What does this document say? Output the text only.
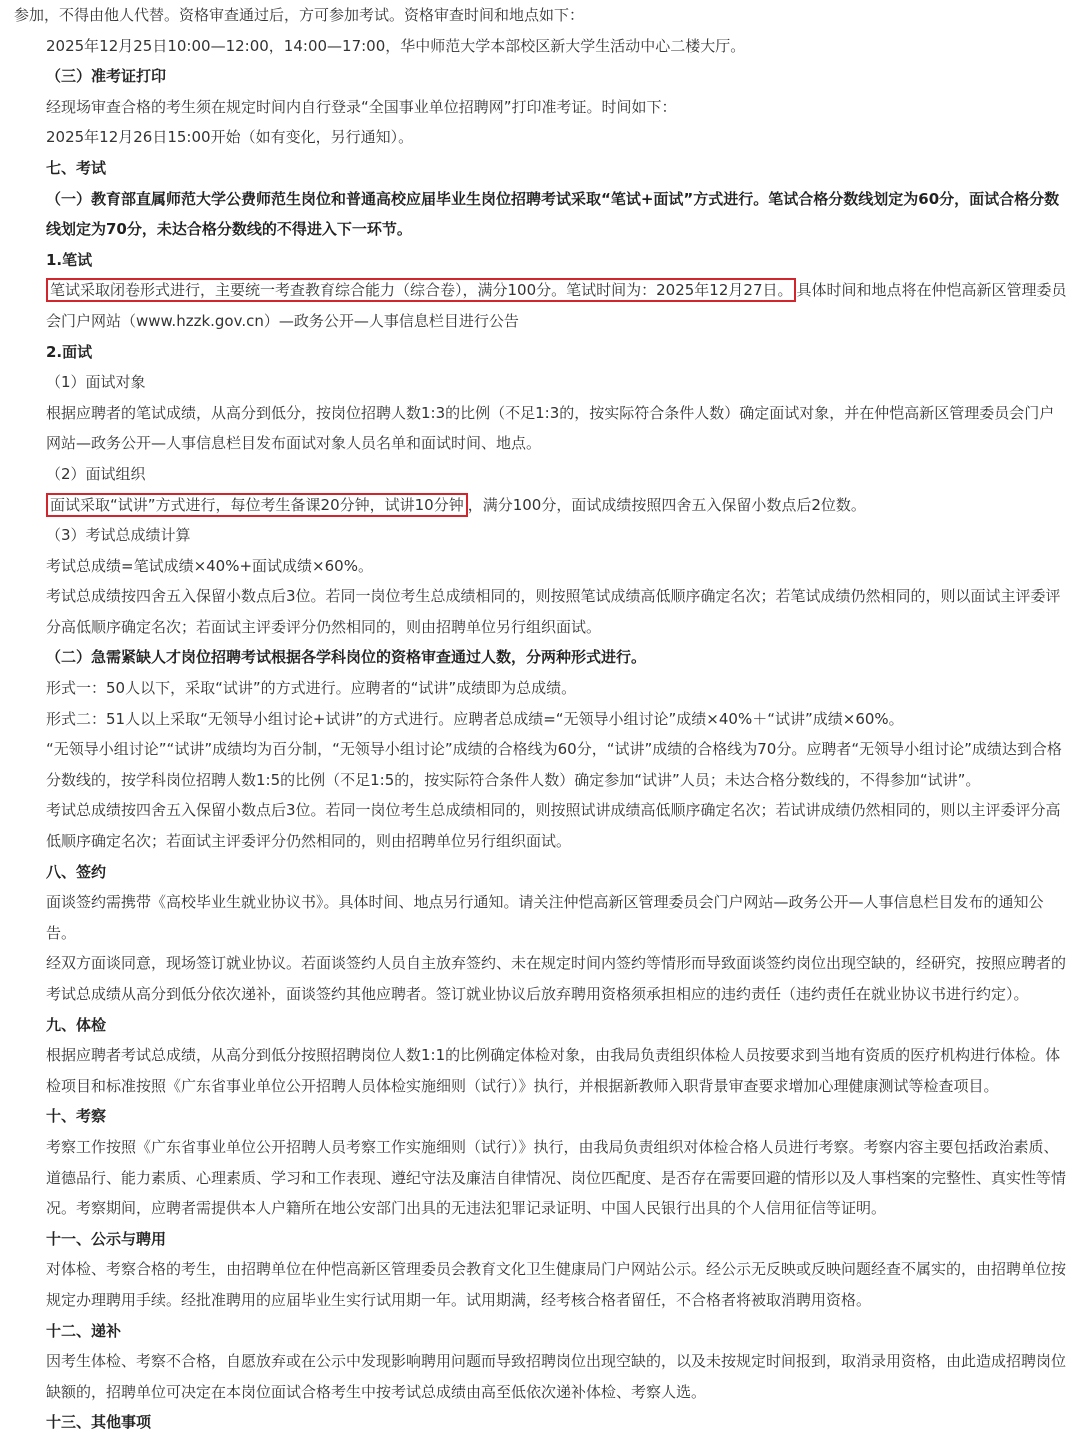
参加，不得由他人代替。资格审查通过后，方可参加考试。资格审查时间和地点如下：

2025年12月25日10:00—12:00，14:00—17:00，华中师范大学本部校区新大学生活动中心二楼大厅。

（三）准考证打印

经现场审查合格的考生须在规定时间内自行登录“全国事业单位招聘网”打印准考证。时间如下：

2025年12月26日15:00开始（如有变化，另行通知）。

七、考试

（一）教育部直属师范大学公费师范生岗位和普通高校应届毕业生岗位招聘考试采取“笔试+面试”方式进行。笔试合格分数线划定为60分，面试合格分数线划定为70分，未达合格分数线的不得进入下一环节。

1.笔试

笔试采取闭卷形式进行，主要统一考查教育综合能力（综合卷），满分100分。笔试时间为：2025年12月27日。 具体时间和地点将在仲恺高新区管理委员会门户网站（www.hzzk.gov.cn）—政务公开—人事信息栏目进行公告

2.面试

（1）面试对象

根据应聘者的笔试成绩，从高分到低分，按岗位招聘人数1:3的比例（不足1:3的，按实际符合条件人数）确定面试对象，并在仲恺高新区管理委员会门户网站—政务公开—人事信息栏目发布面试对象人员名单和面试时间、地点。

（2）面试组织

面试采取“试讲”方式进行，每位考生备课20分钟，试讲10分钟 ，满分100分，面试成绩按照四舍五入保留小数点后2位数。

（3）考试总成绩计算

考试总成绩=笔试成绩×40%+面试成绩×60%。

考试总成绩按四舍五入保留小数点后3位。若同一岗位考生总成绩相同的，则按照笔试成绩高低顺序确定名次；若笔试成绩仍然相同的，则以面试主评委评分高低顺序确定名次；若面试主评委评分仍然相同的，则由招聘单位另行组织面试。

（二）急需紧缺人才岗位招聘考试根据各学科岗位的资格审查通过人数，分两种形式进行。

形式一：50人以下，采取“试讲”的方式进行。应聘者的“试讲”成绩即为总成绩。

形式二：51人以上采取“无领导小组讨论+试讲”的方式进行。应聘者总成绩=“无领导小组讨论”成绩×40%＋“试讲”成绩×60%。

“无领导小组讨论”“试讲”成绩均为百分制，“无领导小组讨论”成绩的合格线为60分，“试讲”成绩的合格线为70分。应聘者“无领导小组讨论”成绩达到合格分数线的，按学科岗位招聘人数1:5的比例（不足1:5的，按实际符合条件人数）确定参加“试讲”人员；未达合格分数线的，不得参加“试讲”。

考试总成绩按四舍五入保留小数点后3位。若同一岗位考生总成绩相同的，则按照试讲成绩高低顺序确定名次；若试讲成绩仍然相同的，则以主评委评分高低顺序确定名次；若面试主评委评分仍然相同的，则由招聘单位另行组织面试。

八、签约

面谈签约需携带《高校毕业生就业协议书》。具体时间、地点另行通知。请关注仲恺高新区管理委员会门户网站—政务公开—人事信息栏目发布的通知公告。

经双方面谈同意，现场签订就业协议。若面谈签约人员自主放弃签约、未在规定时间内签约等情形而导致面谈签约岗位出现空缺的，经研究，按照应聘者的考试总成绩从高分到低分依次递补，面谈签约其他应聘者。签订就业协议后放弃聘用资格须承担相应的违约责任（违约责任在就业协议书进行约定）。

九、体检

根据应聘者考试总成绩，从高分到低分按照招聘岗位人数1:1的比例确定体检对象，由我局负责组织体检人员按要求到当地有资质的医疗机构进行体检。体检项目和标准按照《广东省事业单位公开招聘人员体检实施细则（试行）》执行，并根据新教师入职背景审查要求增加心理健康测试等检查项目。

十、考察

考察工作按照《广东省事业单位公开招聘人员考察工作实施细则（试行）》执行，由我局负责组织对体检合格人员进行考察。考察内容主要包括政治素质、道德品行、能力素质、心理素质、学习和工作表现、遵纪守法及廉洁自律情况、岗位匹配度、是否存在需要回避的情形以及人事档案的完整性、真实性等情况。考察期间，应聘者需提供本人户籍所在地公安部门出具的无违法犯罪记录证明、中国人民银行出具的个人信用征信等证明。

十一、公示与聘用

对体检、考察合格的考生，由招聘单位在仲恺高新区管理委员会教育文化卫生健康局门户网站公示。经公示无反映或反映问题经查不属实的，由招聘单位按规定办理聘用手续。经批准聘用的应届毕业生实行试用期一年。试用期满，经考核合格者留任，不合格者将被取消聘用资格。

十二、递补

因考生体检、考察不合格，自愿放弃或在公示中发现影响聘用问题而导致招聘岗位出现空缺的，以及未按规定时间报到，取消录用资格，由此造成招聘岗位缺额的，招聘单位可决定在本岗位面试合格考生中按考试总成绩由高至低依次递补体检、考察人选。

十三、其他事项
